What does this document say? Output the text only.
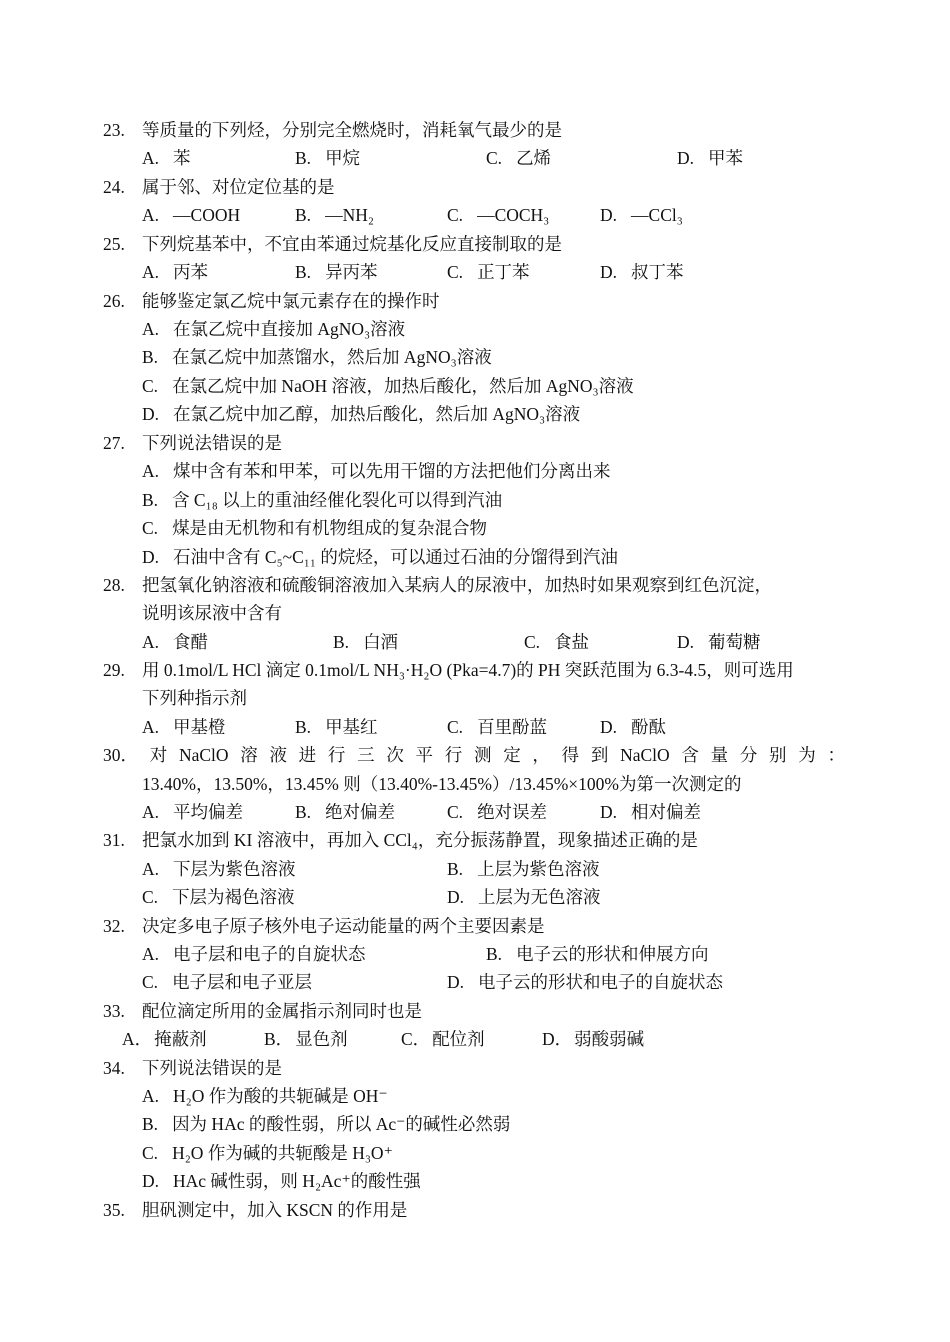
23. 等质量的下列烃，分别完全燃烧时，消耗氧气最少的是
A. 苯	B. 甲烷	C. 乙烯	D. 甲苯
24. 属于邻、对位定位基的是
A. —COOH	B. —NH₂	C. —COCH₃	D. —CCl₃
25. 下列烷基苯中，不宜由苯通过烷基化反应直接制取的是
A. 丙苯	B. 异丙苯	C. 正丁苯	D. 叔丁苯
26. 能够鉴定氯乙烷中氯元素存在的操作时
A. 在氯乙烷中直接加 AgNO₃溶液
B. 在氯乙烷中加蒸馏水，然后加 AgNO₃溶液
C. 在氯乙烷中加 NaOH 溶液，加热后酸化，然后加 AgNO₃溶液
D. 在氯乙烷中加乙醇，加热后酸化，然后加 AgNO₃溶液
27. 下列说法错误的是
A. 煤中含有苯和甲苯，可以先用干馏的方法把他们分离出来
B. 含 C₁₈ 以上的重油经催化裂化可以得到汽油
C. 煤是由无机物和有机物组成的复杂混合物
D. 石油中含有 C₅~C₁₁ 的烷烃，可以通过石油的分馏得到汽油
28. 把氢氧化钠溶液和硫酸铜溶液加入某病人的尿液中，加热时如果观察到红色沉淀，
说明该尿液中含有
A. 食醋	B. 白酒	C. 食盐	D. 葡萄糖
29. 用 0.1mol/L HCl 滴定 0.1mol/L NH₃·H₂O (Pka=4.7)的 PH 突跃范围为 6.3-4.5，则可选用
下列种指示剂
A. 甲基橙	B. 甲基红	C. 百里酚蓝	D. 酚酞
30． 对 NaClO 溶 液 进 行 三 次 平 行 测 定 ， 得 到 NaClO 含 量 分 别 为 ：
13.40%，13.50%，13.45% 则（13.40%-13.45%）/13.45%×100%为第一次测定的
A. 平均偏差	B. 绝对偏差	C. 绝对误差	D. 相对偏差
31. 把氯水加到 KI 溶液中，再加入 CCl₄，充分振荡静置，现象描述正确的是
A. 下层为紫色溶液	B. 上层为紫色溶液
C. 下层为褐色溶液	D. 上层为无色溶液
32. 决定多电子原子核外电子运动能量的两个主要因素是
A. 电子层和电子的自旋状态	B. 电子云的形状和伸展方向
C. 电子层和电子亚层	D. 电子云的形状和电子的自旋状态
33. 配位滴定所用的金属指示剂同时也是
A． 掩蔽剂	B． 显色剂	C． 配位剂	D． 弱酸弱碱
34. 下列说法错误的是
A. H₂O 作为酸的共轭碱是 OH⁻
B. 因为 HAc 的酸性弱，所以 Ac⁻的碱性必然弱
C. H₂O 作为碱的共轭酸是 H₃O⁺
D. HAc 碱性弱，则 H₂Ac⁺的酸性强
35. 胆矾测定中，加入 KSCN 的作用是
